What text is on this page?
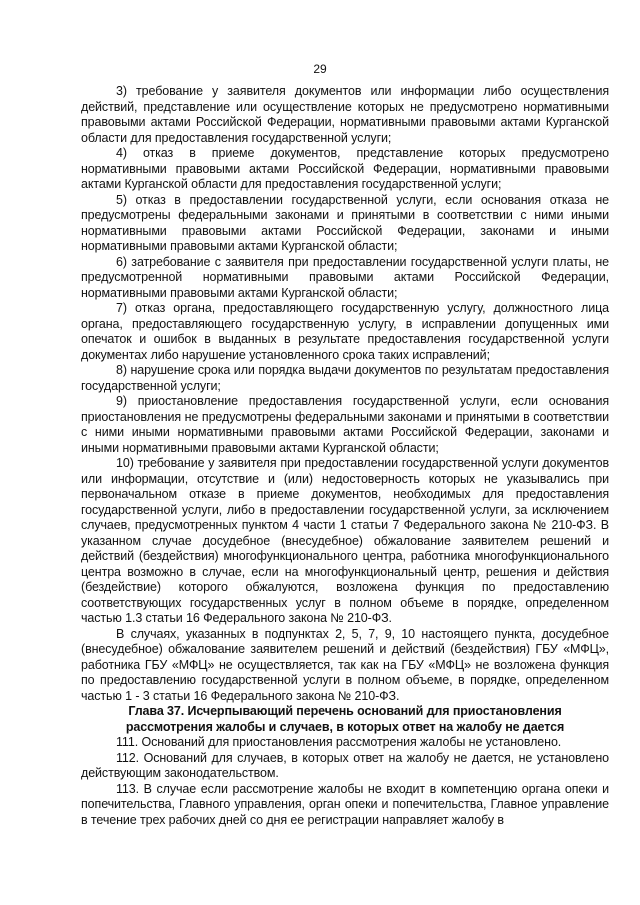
29

3) требование у заявителя документов или информации либо осуществления действий, представление или осуществление которых не предусмотрено нормативными правовыми актами Российской Федерации, нормативными правовыми актами Курганской области для предоставления государственной услуги;

4) отказ в приеме документов, представление которых предусмотрено нормативными правовыми актами Российской Федерации, нормативными правовыми актами Курганской области для предоставления государственной услуги;

5) отказ в предоставлении государственной услуги, если основания отказа не предусмотрены федеральными законами и принятыми в соответствии с ними иными нормативными правовыми актами Российской Федерации, законами и иными нормативными правовыми актами Курганской области;

6) затребование с заявителя при предоставлении государственной услуги платы, не предусмотренной нормативными правовыми актами Российской Федерации, нормативными правовыми актами Курганской области;

7) отказ органа, предоставляющего государственную услугу, должностного лица органа, предоставляющего государственную услугу, в исправлении допущенных ими опечаток и ошибок в выданных в результате предоставления государственной услуги документах либо нарушение установленного срока таких исправлений;

8) нарушение срока или порядка выдачи документов по результатам предоставления государственной услуги;

9) приостановление предоставления государственной услуги, если основания приостановления не предусмотрены федеральными законами и принятыми в соответствии с ними иными нормативными правовыми актами Российской Федерации, законами и иными нормативными правовыми актами Курганской области;

10) требование у заявителя при предоставлении государственной услуги документов или информации, отсутствие и (или) недостоверность которых не указывались при первоначальном отказе в приеме документов, необходимых для предоставления государственной услуги, либо в предоставлении государственной услуги, за исключением случаев, предусмотренных пунктом 4 части 1 статьи 7 Федерального закона № 210-ФЗ. В указанном случае досудебное (внесудебное) обжалование заявителем решений и действий (бездействия) многофункционального центра, работника многофункционального центра возможно в случае, если на многофункциональный центр, решения и действия (бездействие) которого обжалуются, возложена функция по предоставлению соответствующих государственных услуг в полном объеме в порядке, определенном частью 1.3 статьи 16 Федерального закона № 210-ФЗ.

В случаях, указанных в подпунктах 2, 5, 7, 9, 10 настоящего пункта, досудебное (внесудебное) обжалование заявителем решений и действий (бездействия) ГБУ «МФЦ», работника ГБУ «МФЦ» не осуществляется, так как на ГБУ «МФЦ» не возложена функция по предоставлению государственной услуги в полном объеме, в порядке, определенном частью 1 - 3 статьи 16 Федерального закона № 210-ФЗ.

Глава 37. Исчерпывающий перечень оснований для приостановления
рассмотрения жалобы и случаев, в которых ответ на жалобу не дается

111. Оснований для приостановления рассмотрения жалобы не установлено.

112. Оснований для случаев, в которых ответ на жалобу не дается, не установлено действующим законодательством.

113. В случае если рассмотрение жалобы не входит в компетенцию органа опеки и попечительства, Главного управления, орган опеки и попечительства, Главное управление в течение трех рабочих дней со дня ее регистрации направляет жалобу в
